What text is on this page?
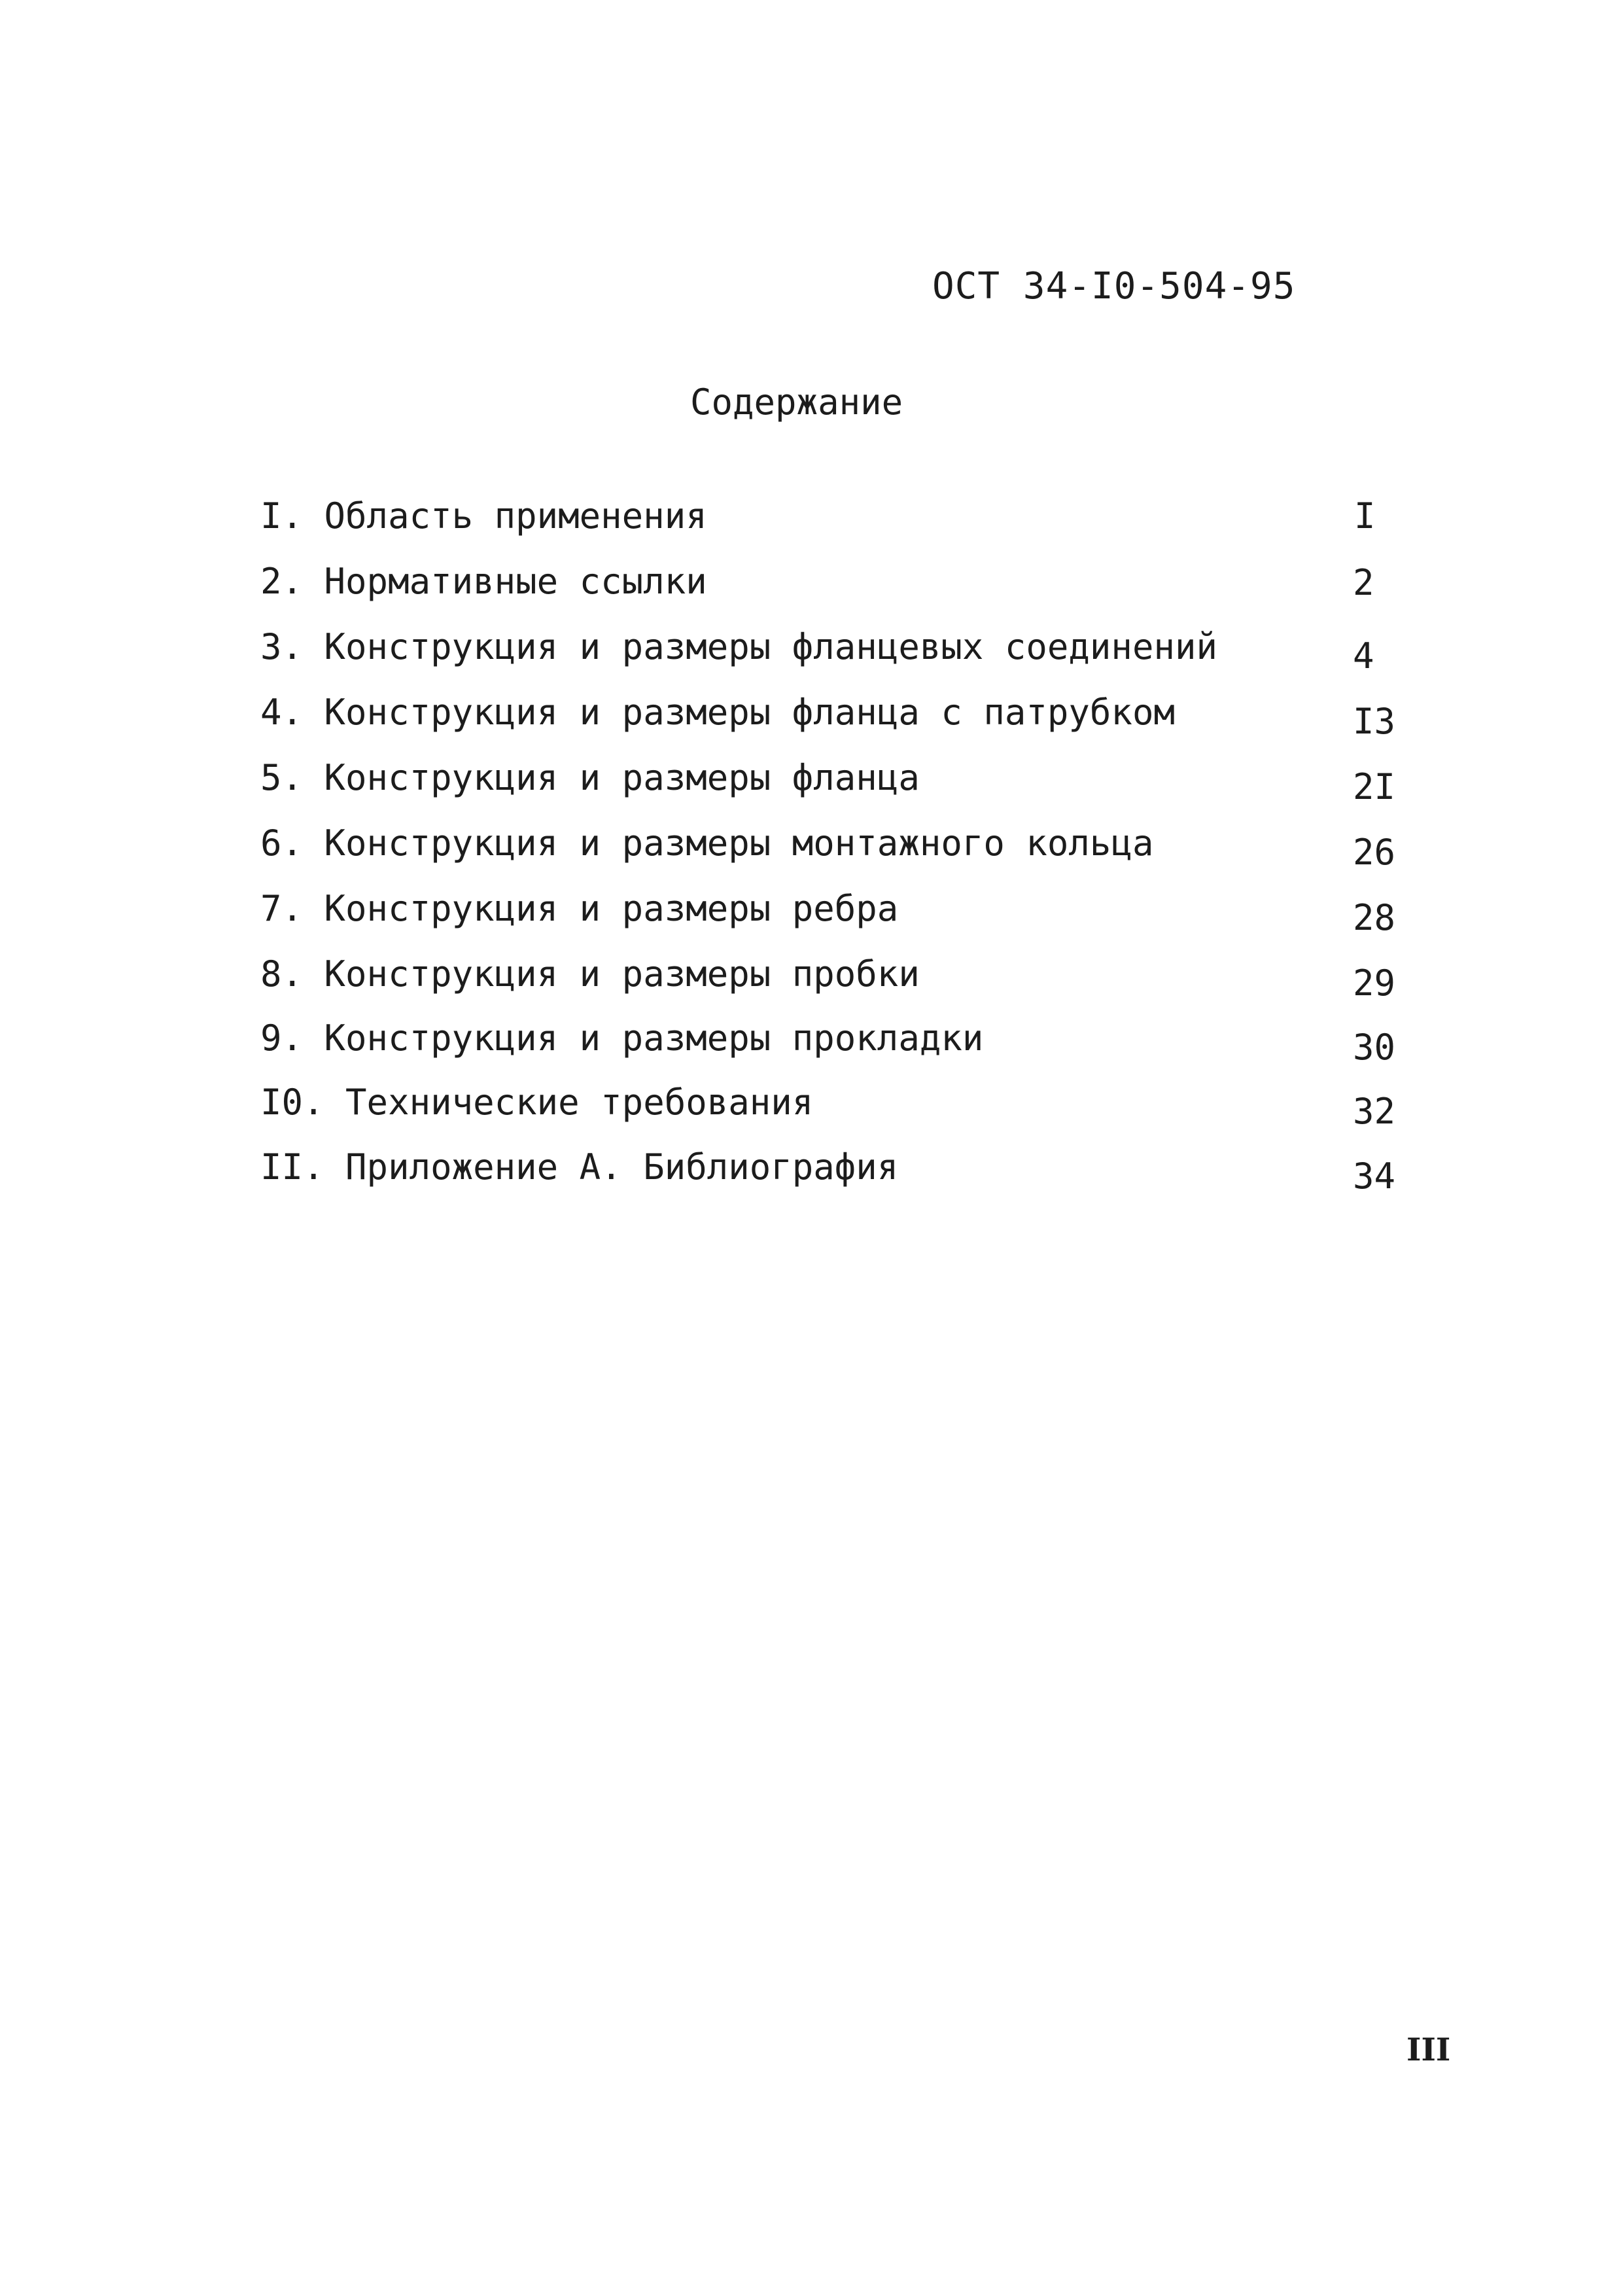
ОСТ 34-I0-504-95
Содержание
I. Область применения	I
2. Нормативные ссылки	2
3. Конструкция и размеры фланцевых соединений	4
4. Конструкция и размеры фланца с патрубком	I3
5. Конструкция и размеры фланца	2I
6. Конструкция и размеры монтажного кольца	26
7. Конструкция и размеры ребра	28
8. Конструкция и размеры пробки	29
9. Конструкция и размеры прокладки	30
I0. Технические требования	32
II. Приложение А. Библиография	34
III
